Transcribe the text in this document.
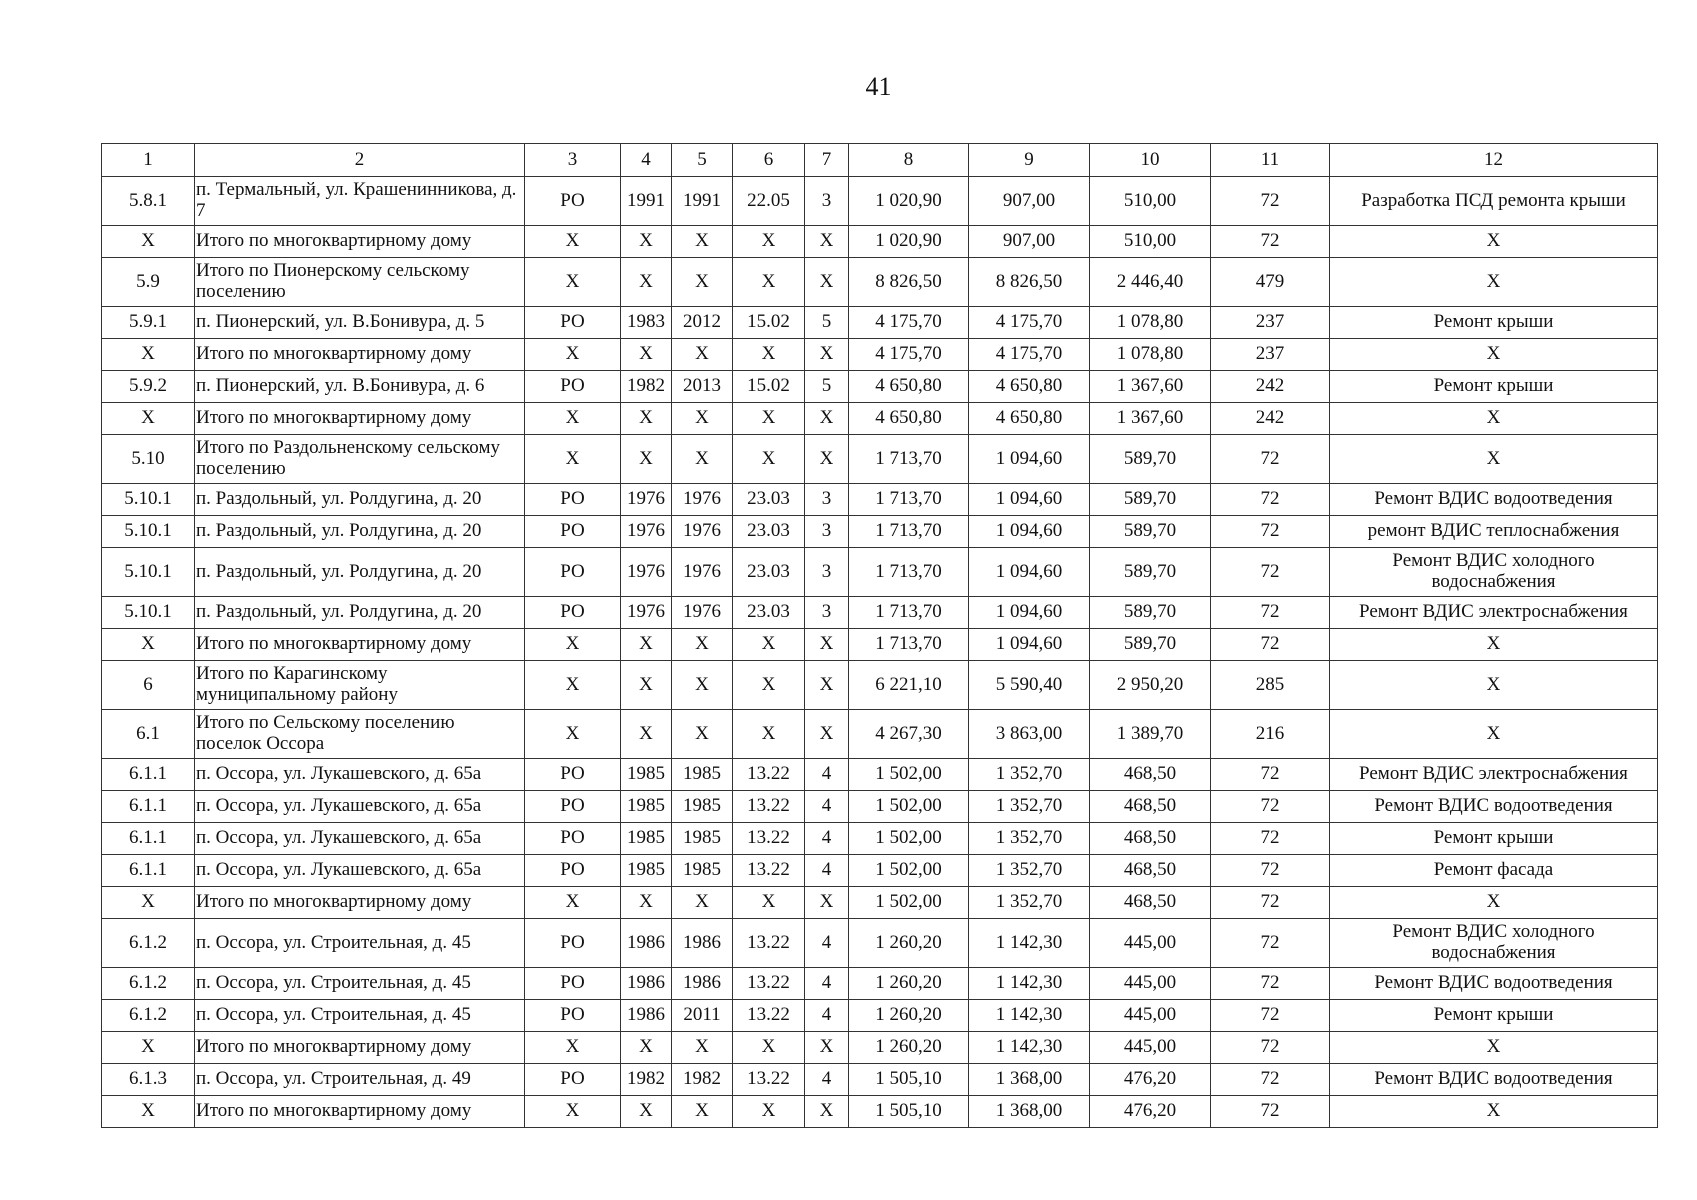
41
1	2	3	4	5	6	7	8	9	10	11	12
5.8.1	п. Термальный, ул. Крашенинникова, д. 7	РО	1991	1991	22.05	3	1 020,90	907,00	510,00	72	Разработка ПСД ремонта крыши
Х	Итого по многоквартирному дому	Х	Х	Х	Х	Х	1 020,90	907,00	510,00	72	Х
5.9	Итого по Пионерскому сельскому поселению	Х	Х	Х	Х	Х	8 826,50	8 826,50	2 446,40	479	Х
5.9.1	п. Пионерский, ул. В.Бонивура, д. 5	РО	1983	2012	15.02	5	4 175,70	4 175,70	1 078,80	237	Ремонт крыши
Х	Итого по многоквартирному дому	Х	Х	Х	Х	Х	4 175,70	4 175,70	1 078,80	237	Х
5.9.2	п. Пионерский, ул. В.Бонивура, д. 6	РО	1982	2013	15.02	5	4 650,80	4 650,80	1 367,60	242	Ремонт крыши
Х	Итого по многоквартирному дому	Х	Х	Х	Х	Х	4 650,80	4 650,80	1 367,60	242	Х
5.10	Итого по Раздольненскому сельскому поселению	Х	Х	Х	Х	Х	1 713,70	1 094,60	589,70	72	Х
5.10.1	п. Раздольный, ул. Ролдугина, д. 20	РО	1976	1976	23.03	3	1 713,70	1 094,60	589,70	72	Ремонт ВДИС водоотведения
5.10.1	п. Раздольный, ул. Ролдугина, д. 20	РО	1976	1976	23.03	3	1 713,70	1 094,60	589,70	72	ремонт ВДИС теплоснабжения
5.10.1	п. Раздольный, ул. Ролдугина, д. 20	РО	1976	1976	23.03	3	1 713,70	1 094,60	589,70	72	Ремонт ВДИС холодного водоснабжения
5.10.1	п. Раздольный, ул. Ролдугина, д. 20	РО	1976	1976	23.03	3	1 713,70	1 094,60	589,70	72	Ремонт ВДИС электроснабжения
Х	Итого по многоквартирному дому	Х	Х	Х	Х	Х	1 713,70	1 094,60	589,70	72	Х
6	Итого по Карагинскому муниципальному району	Х	Х	Х	Х	Х	6 221,10	5 590,40	2 950,20	285	Х
6.1	Итого по Сельскому поселению поселок Оссора	Х	Х	Х	Х	Х	4 267,30	3 863,00	1 389,70	216	Х
6.1.1	п. Оссора, ул. Лукашевского, д. 65а	РО	1985	1985	13.22	4	1 502,00	1 352,70	468,50	72	Ремонт ВДИС электроснабжения
6.1.1	п. Оссора, ул. Лукашевского, д. 65а	РО	1985	1985	13.22	4	1 502,00	1 352,70	468,50	72	Ремонт ВДИС водоотведения
6.1.1	п. Оссора, ул. Лукашевского, д. 65а	РО	1985	1985	13.22	4	1 502,00	1 352,70	468,50	72	Ремонт крыши
6.1.1	п. Оссора, ул. Лукашевского, д. 65а	РО	1985	1985	13.22	4	1 502,00	1 352,70	468,50	72	Ремонт фасада
Х	Итого по многоквартирному дому	Х	Х	Х	Х	Х	1 502,00	1 352,70	468,50	72	Х
6.1.2	п. Оссора, ул. Строительная, д. 45	РО	1986	1986	13.22	4	1 260,20	1 142,30	445,00	72	Ремонт ВДИС холодного водоснабжения
6.1.2	п. Оссора, ул. Строительная, д. 45	РО	1986	1986	13.22	4	1 260,20	1 142,30	445,00	72	Ремонт ВДИС водоотведения
6.1.2	п. Оссора, ул. Строительная, д. 45	РО	1986	2011	13.22	4	1 260,20	1 142,30	445,00	72	Ремонт крыши
Х	Итого по многоквартирному дому	Х	Х	Х	Х	Х	1 260,20	1 142,30	445,00	72	Х
6.1.3	п. Оссора, ул. Строительная, д. 49	РО	1982	1982	13.22	4	1 505,10	1 368,00	476,20	72	Ремонт ВДИС водоотведения
Х	Итого по многоквартирному дому	Х	Х	Х	Х	Х	1 505,10	1 368,00	476,20	72	Х
